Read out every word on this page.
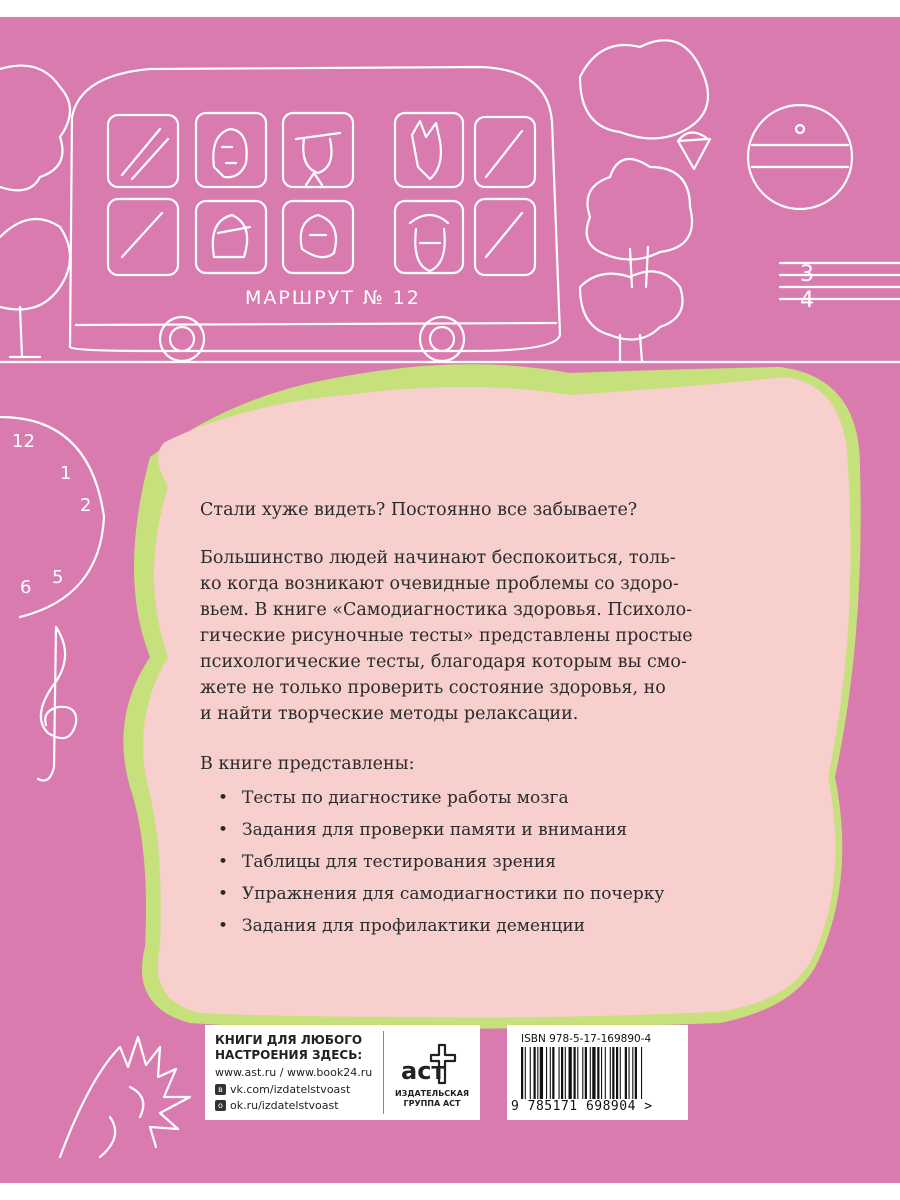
МАРШРУТ № 12
3
4
12
1
2
5
6

Стали хуже видеть? Постоянно все забываете?

Большинство людей начинают беспокоиться, толь-
ко когда возникают очевидные проблемы со здоро-
вьем. В книге «Самодиагностика здоровья. Психоло-
гические рисуночные тесты» представлены простые
психологические тесты, благодаря которым вы смо-
жете не только проверить состояние здоровья, но
и найти творческие методы релаксации.

В книге представлены:

• Тесты по диагностике работы мозга
• Задания для проверки памяти и внимания
• Таблицы для тестирования зрения
• Упражнения для самодиагностики по почерку
• Задания для профилактики деменции
КНИГИ ДЛЯ ЛЮБОГО
НАСТРОЕНИЯ ЗДЕСЬ:
www.ast.ru / www.book24.ru
в vk.com/izdatelstvoast
о ok.ru/izdatelstvoast
аст
ИЗДАТЕЛЬСКАЯ
ГРУППА АСТ
ISBN 978-5-17-169890-4
9 785171 698904 >
